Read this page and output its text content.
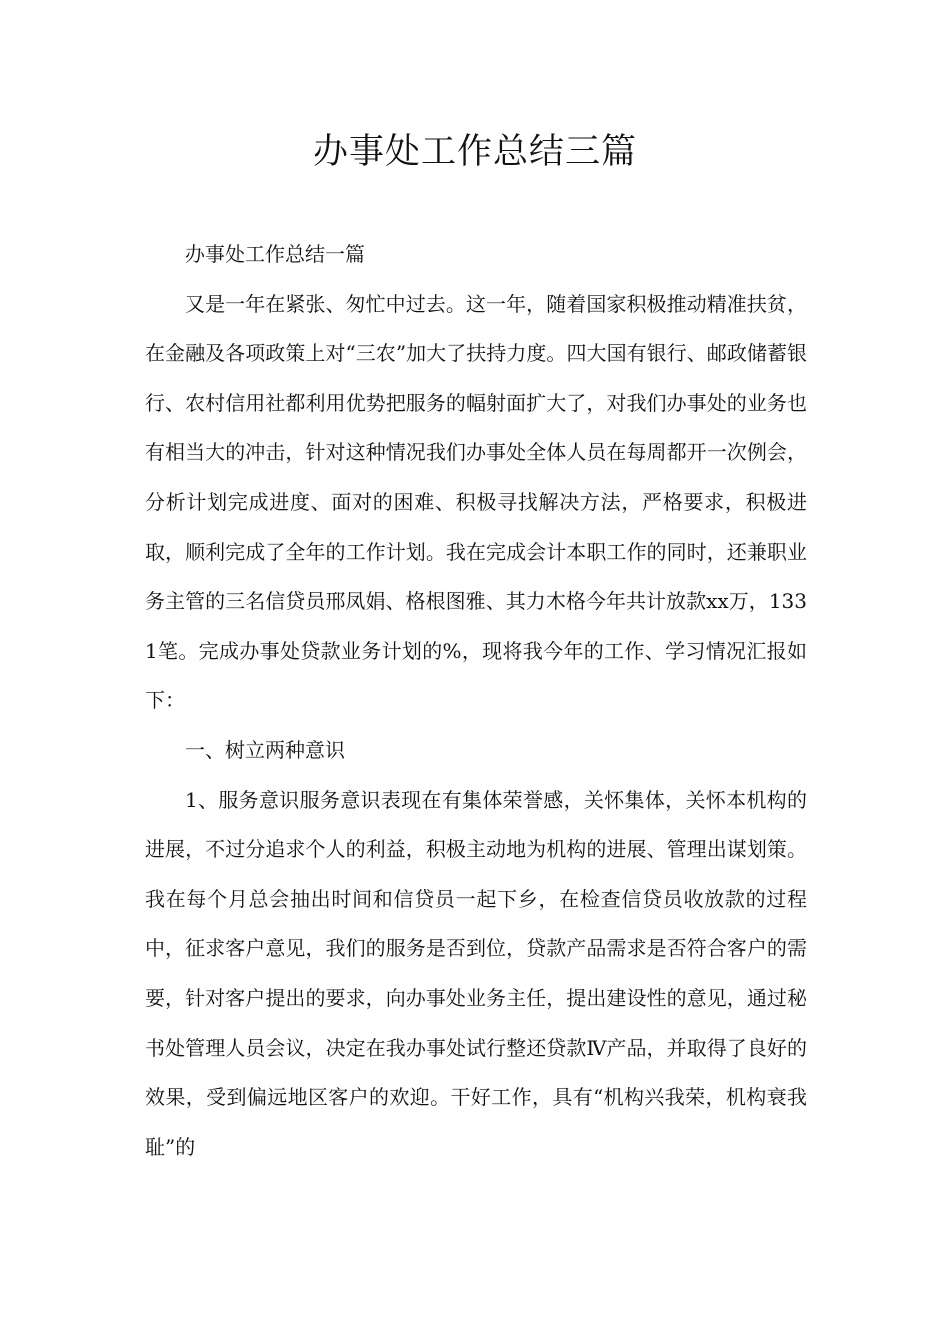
办事处工作总结三篇

办事处工作总结一篇

又是一年在紧张、匆忙中过去。这一年，随着国家积极推动精准扶贫，在金融及各项政策上对“三农”加大了扶持力度。四大国有银行、邮政储蓄银行、农村信用社都利用优势把服务的幅射面扩大了，对我们办事处的业务也有相当大的冲击，针对这种情况我们办事处全体人员在每周都开一次例会，分析计划完成进度、面对的困难、积极寻找解决方法，严格要求，积极进取，顺利完成了全年的工作计划。我在完成会计本职工作的同时，还兼职业务主管的三名信贷员邢凤娟、格根图雅、其力木格今年共计放款xx万，1331笔。完成办事处贷款业务计划的%，现将我今年的工作、学习情况汇报如下：

一、树立两种意识

1、服务意识服务意识表现在有集体荣誉感，关怀集体，关怀本机构的进展，不过分追求个人的利益，积极主动地为机构的进展、管理出谋划策。我在每个月总会抽出时间和信贷员一起下乡，在检查信贷员收放款的过程中，征求客户意见，我们的服务是否到位，贷款产品需求是否符合客户的需要，针对客户提出的要求，向办事处业务主任，提出建设性的意见，通过秘书处管理人员会议，决定在我办事处试行整还贷款Ⅳ产品，并取得了良好的效果，受到偏远地区客户的欢迎。干好工作，具有“机构兴我荣，机构衰我耻”的
